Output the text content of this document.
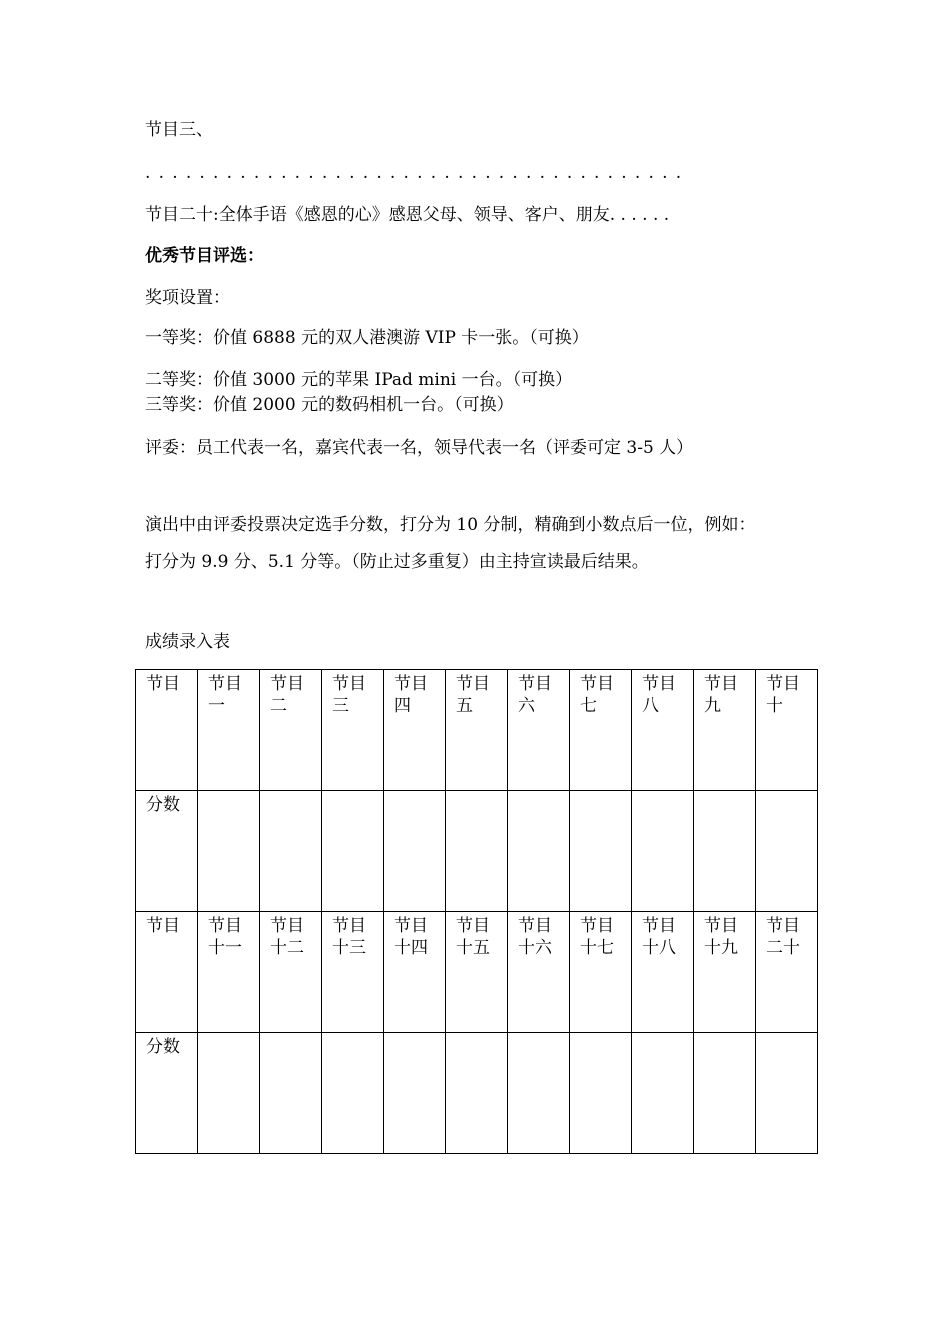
节目三、

. . . . . . . . . . . . . . . . . . . . . . . . . . . . . . . . . . . . . . . .

节目二十:全体手语《感恩的心》感恩父母、领导、客户、朋友. . . . . .

优秀节目评选：

奖项设置：

一等奖：价值 6888 元的双人港澳游 VIP 卡一张。（可换）

二等奖：价值 3000 元的苹果 IPad mini 一台。（可换）

三等奖：价值 2000 元的数码相机一台。（可换）

评委：员工代表一名，嘉宾代表一名，领导代表一名（评委可定 3-5 人）

演出中由评委投票决定选手分数，打分为 10 分制，精确到小数点后一位，例如：

打分为 9.9 分、5.1 分等。（防止过多重复）由主持宣读最后结果。

成绩录入表

节目	节目一	节目二	节目三	节目四	节目五	节目六	节目七	节目八	节目九	节目十
分数										
节目	节目十一	节目十二	节目十三	节目十四	节目十五	节目十六	节目十七	节目十八	节目十九	节目二十
分数										
